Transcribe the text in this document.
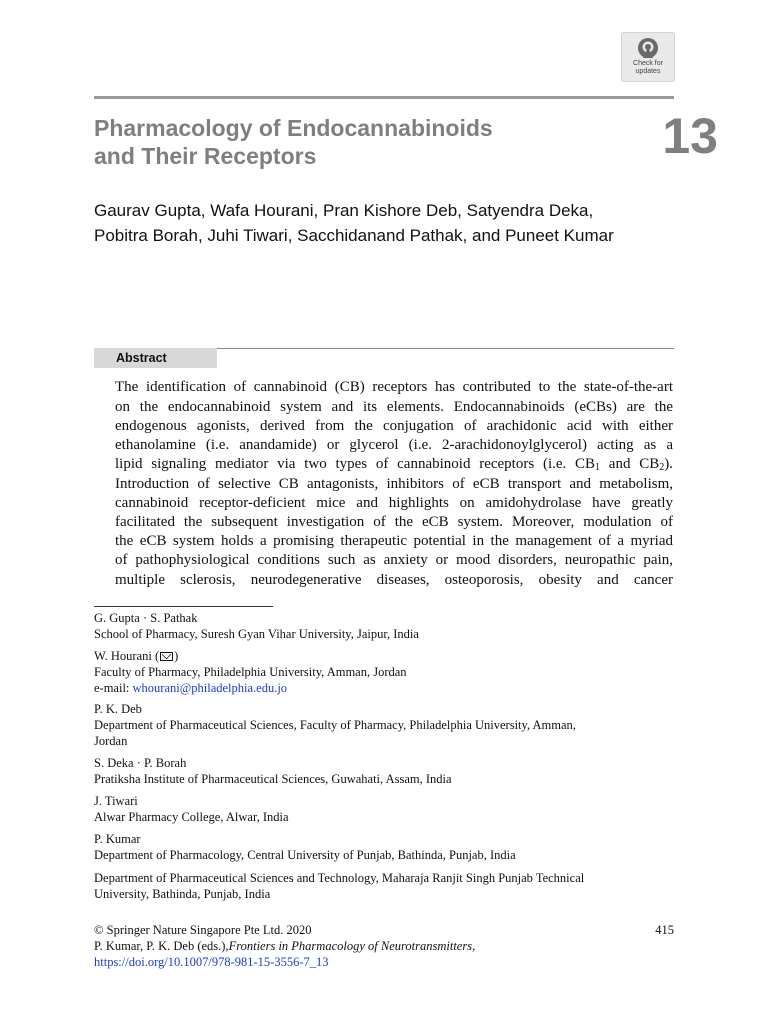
Check for
updates
Pharmacology of Endocannabinoids
and Their Receptors	13
Gaurav Gupta, Wafa Hourani, Pran Kishore Deb, Satyendra Deka,
Pobitra Borah, Juhi Tiwari, Sacchidanand Pathak, and Puneet Kumar
Abstract
The identification of cannabinoid (CB) receptors has contributed to the state-of-the-art
on the endocannabinoid system and its elements. Endocannabinoids (eCBs) are the
endogenous agonists, derived from the conjugation of arachidonic acid with either
ethanolamine (i.e. anandamide) or glycerol (i.e. 2-arachidonoylglycerol) acting as a
lipid signaling mediator via two types of cannabinoid receptors (i.e. $CB_1$ and $CB_2$).
Introduction of selective CB antagonists, inhibitors of eCB transport and metabolism,
cannabinoid receptor-deficient mice and highlights on amidohydrolase have greatly
facilitated the subsequent investigation of the eCB system. Moreover, modulation of
the eCB system holds a promising therapeutic potential in the management of a myriad
of pathophysiological conditions such as anxiety or mood disorders, neuropathic pain,
multiple sclerosis, neurodegenerative diseases, osteoporosis, obesity and cancer
G. Gupta · S. Pathak
School of Pharmacy, Suresh Gyan Vihar University, Jaipur, India
W. Hourani ( )
Faculty of Pharmacy, Philadelphia University, Amman, Jordan
e-mail: whourani@philadelphia.edu.jo
P. K. Deb
Department of Pharmaceutical Sciences, Faculty of Pharmacy, Philadelphia University, Amman,
Jordan
S. Deka · P. Borah
Pratiksha Institute of Pharmaceutical Sciences, Guwahati, Assam, India
J. Tiwari
Alwar Pharmacy College, Alwar, India
P. Kumar
Department of Pharmacology, Central University of Punjab, Bathinda, Punjab, India
Department of Pharmaceutical Sciences and Technology, Maharaja Ranjit Singh Punjab Technical
University, Bathinda, Punjab, India
© Springer Nature Singapore Pte Ltd. 2020	415
P. Kumar, P. K. Deb (eds.), Frontiers in Pharmacology of Neurotransmitters ,
https://doi.org/10.1007/978-981-15-3556-7_13
